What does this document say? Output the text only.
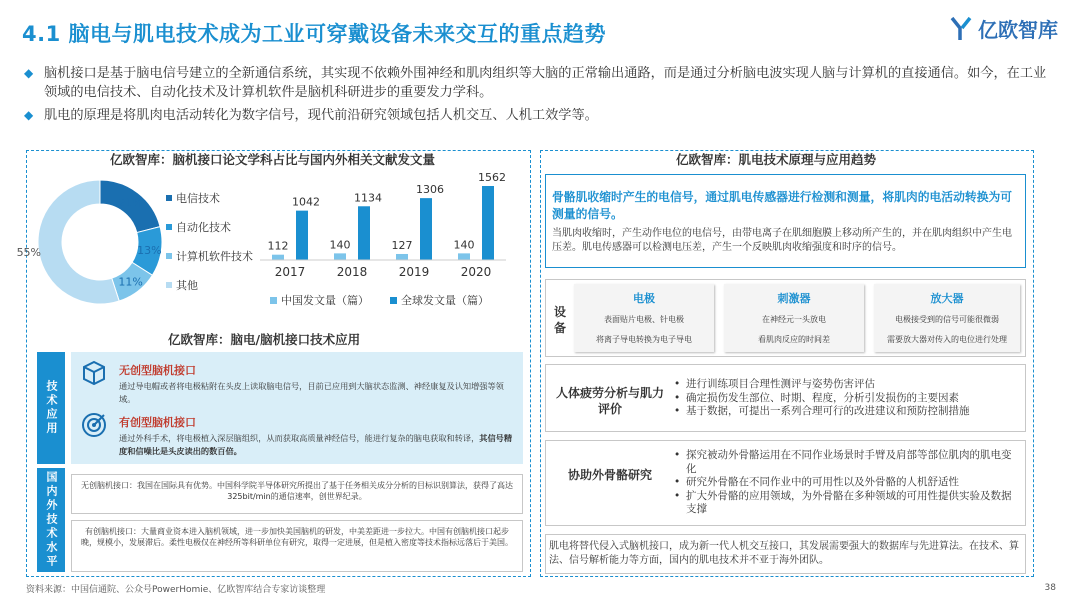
4.1 脑电与肌电技术成为工业可穿戴设备未来交互的重点趋势	亿欧智库
◆ 脑机接口是基于脑电信号建立的全新通信系统，其实现不依赖外围神经和肌肉组织等大脑的正常输出通路，而是通过分析脑电波实现人脑与计算机的直接通信。如今，在工业领域的电信技术、自动化技术及计算机软件是脑机科研进步的重要发力学科。
◆ 肌电的原理是将肌肉电活动转化为数字信号，现代前沿研究领域包括人机交互、人机工效学等。
亿欧智库：脑机接口论文学科占比与国内外相关文献发文量
21%
13%
11%
55%
电信技术
自动化技术
计算机软件技术
其他
112
1042
2017
140
1134
2018
127
1306
2019
140
1562
2020
中国发文量（篇）	全球发文量（篇）
亿欧智库：脑电/脑机接口技术应用
技术应用
无创型脑机接口
通过导电帽或者将电极粘附在头皮上读取脑电信号，目前已应用到大脑状态监测、神经康复及认知增强等领域。
有创型脑机接口
通过外科手术，将电极植入深层脑组织，从而获取高质量神经信号，能进行复杂的脑电获取和转译，其信号精度和信噪比是头皮读出的数百倍。
国内外技术水平	无创脑机接口：我国在国际具有优势。中国科学院半导体研究所提出了基于任务相关成分分析的目标识别算法，获得了高达325bit/min的通信速率，创世界纪录。
有创脑机接口：大量商业资本进入脑机领域，进一步加快美国脑机的研发，中美差距进一步拉大。中国有创脑机接口起步晚，规模小，发展滞后。柔性电极仅在神经所等科研单位有研究，取得一定进展，但是植入密度等技术指标远落后于美国。
亿欧智库：肌电技术原理与应用趋势
骨骼肌收缩时产生的电信号，通过肌电传感器进行检测和测量，将肌肉的电活动转换为可测量的信号。
当肌肉收缩时，产生动作电位的电信号，由带电离子在肌细胞膜上移动所产生的，并在肌肉组织中产生电压差。肌电传感器可以检测电压差，产生一个反映肌肉收缩强度和时序的信号。
设备
电极
表面贴片电极、针电极
将离子导电转换为电子导电
刺激器
在神经元一头放电
看肌肉反应的时间差
放大器
电极接受到的信号可能很微弱
需要放大器对传入的电位进行处理
人体疲劳分析与肌力评价
• 进行训练项目合理性测评与姿势伤害评估
• 确定损伤发生部位、时期、程度，分析引发损伤的主要因素
• 基于数据，可提出一系列合理可行的改进建议和预防控制措施
协助外骨骼研究
• 探究被动外骨骼运用在不同作业场景时手臂及肩部等部位肌肉的肌电变化
• 研究外骨骼在不同作业中的可用性以及外骨骼的人机舒适性
• 扩大外骨骼的应用领域，为外骨骼在多种领域的可用性提供实验及数据支撑
肌电将替代侵入式脑机接口，成为新一代人机交互接口，其发展需要强大的数据库与先进算法。在技术、算法、信号解析能力等方面，国内的肌电技术并不亚于海外团队。
资料来源：中国信通院、公众号PowerHomie、亿欧智库结合专家访谈整理	38
